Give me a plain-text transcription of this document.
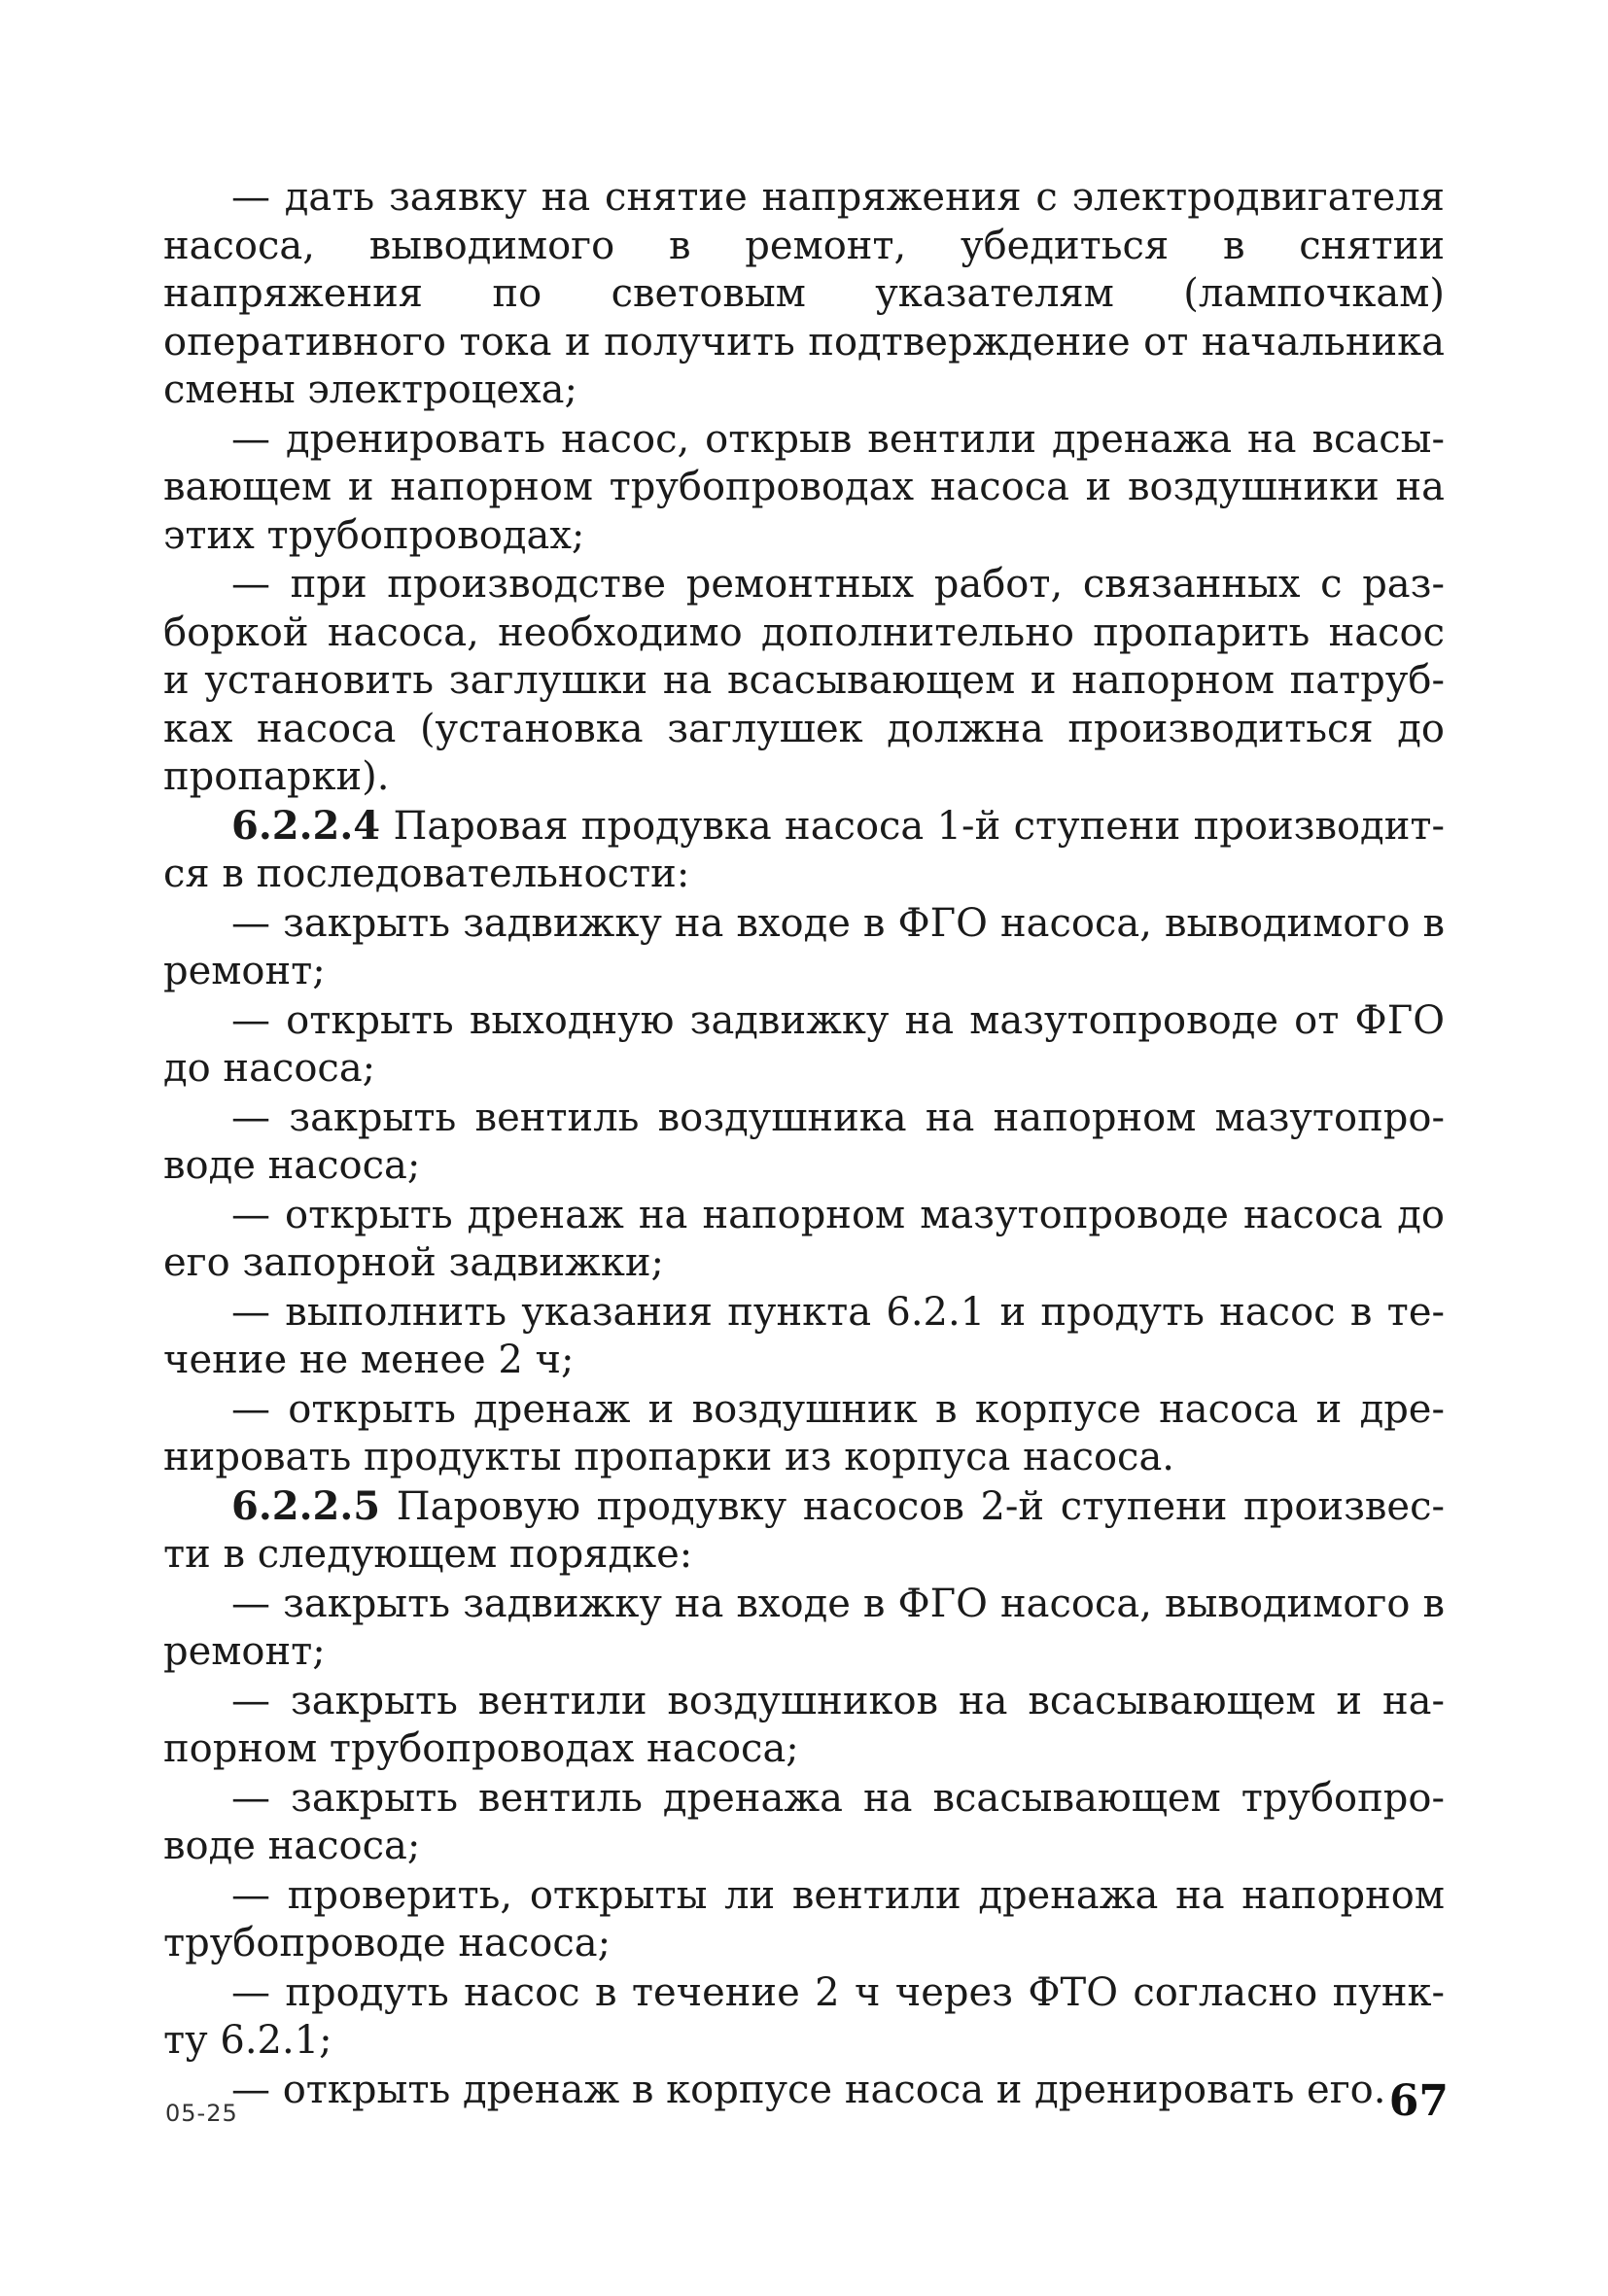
— дать заявку на снятие напряжения с электродвигателя насоса, выводимого в ремонт, убедиться в снятии напряжения по световым указателям (лампочкам) оперативного тока и получить подтверждение от начальника смены электроцеха;

— дренировать насос, открыв вентили дренажа на всасывающем и напорном трубопроводах насоса и воздушники на этих трубопроводах;

— при производстве ремонтных работ, связанных с разборкой насоса, необходимо дополнительно пропарить насос и установить заглушки на всасывающем и напорном патрубках насоса (установка заглушек должна производиться до пропарки).

6.2.2.4 Паровая продувка насоса 1-й ступени производится в последовательности:

— закрыть задвижку на входе в ФГО насоса, выводимого в ремонт;

— открыть выходную задвижку на мазутопроводе от ФГО до насоса;

— закрыть вентиль воздушника на напорном мазутопроводе насоса;

— открыть дренаж на напорном мазутопроводе насоса до его запорной задвижки;

— выполнить указания пункта 6.2.1 и продуть насос в течение не менее 2 ч;

— открыть дренаж и воздушник в корпусе насоса и дренировать продукты пропарки из корпуса насоса.

6.2.2.5 Паровую продувку насосов 2-й ступени произвести в следующем порядке:

— закрыть задвижку на входе в ФГО насоса, выводимого в ремонт;

— закрыть вентили воздушников на всасывающем и напорном трубопроводах насоса;

— закрыть вентиль дренажа на всасывающем трубопроводе насоса;

— проверить, открыты ли вентили дренажа на напорном трубопроводе насоса;

— продуть насос в течение 2 ч через ФТО согласно пункту 6.2.1;

— открыть дренаж в корпусе насоса и дренировать его.

05-25	67
